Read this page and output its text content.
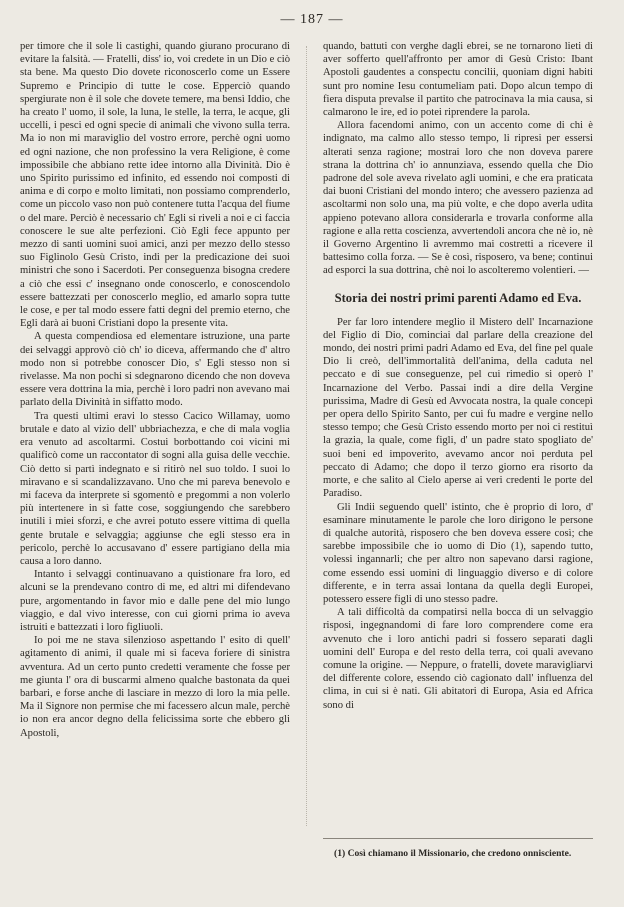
— 187 —

per timore che il sole li castighi, quando giurano procurano di evitare la falsità. — Fratelli, diss' io, voi credete in un Dio e ciò sta bene. Ma questo Dio dovete riconoscerlo come un Essere Supremo e Principio di tutte le cose. Epperciò quando spergiurate non è il sole che dovete temere, ma bensì Iddio, che ha creato l' uomo, il sole, la luna, le stelle, la terra, le acque, gli uccelli, i pesci ed ogni specie di animali che vivono sulla terra. Ma io non mi maraviglio del vostro errore, perchè ogni uomo ed ogni nazione, che non professino la vera Religione, è come impossibile che abbiano rette idee intorno alla Divinità. Dio è uno Spirito purissimo ed infinito, ed essendo noi composti di anima e di corpo e molto limitati, non possiamo comprenderlo, come un piccolo vaso non può contenere tutta l'acqua del fiume o del mare. Perciò è necessario ch' Egli si riveli a noi e ci faccia conoscere le sue alte perfezioni. Ciò Egli fece appunto per mezzo di santi uomini suoi amici, anzi per mezzo dello stesso suo Figlinolo Gesù Cristo, indi per la predicazione dei suoi ministri che sono i Sacerdoti. Per conseguenza bisogna credere a ciò che essi c' insegnano onde conoscerlo, e conoscendolo essere battezzati per conoscerlo meglio, ed amarlo sopra tutte le cose, e per tal modo essere fatti degni del premio eterno, che Egli darà ai buoni Cristiani dopo la presente vita.

A questa compendiosa ed elementare istruzione, una parte dei selvaggi approvò ciò ch' io diceva, affermando che d' altro modo non si potrebbe conoscer Dio, s' Egli stesso non si rivelasse. Ma non pochi si sdegnarono dicendo che non doveva essere vera dottrina la mia, perchè i loro padri non avevano mai parlato della Divinità in siffatto modo.

Tra questi ultimi eravi lo stesso Cacico Willamay, uomo brutale e dato al vizio dell' ubbriachezza, e che di mala voglia era venuto ad ascoltarmi. Costui borbottando coi vicini mi qualificò come un raccontator di sogni alla guisa delle vecchie. Ciò detto si partì indegnato e si ritirò nel suo toldo. I suoi lo miravano e si scandalizzavano. Uno che mi pareva benevolo e mi faceva da interprete si sgomentò e pregommi a non volerlo più intertenere in sì fatte cose, soggiungendo che sarebbero inutili i miei sforzi, e che avrei potuto essere vittima di quella gente brutale e selvaggia; aggiunse che egli stesso era in pericolo, perchè lo accusavano d' essere partigiano della mia causa a loro danno.

Intanto i selvaggi continuavano a quistionare fra loro, ed alcuni se la prendevano contro di me, ed altri mi difendevano pure, argomentando in favor mio e dalle pene del mio lungo viaggio, e dal vivo interesse, con cui giorni prima io aveva istruiti e battezzati i loro figliuoli.

Io poi me ne stava silenzioso aspettando l' esito di quell' agitamento di animi, il quale mi si faceva foriere di sinistra avventura. Ad un certo punto credetti veramente che fosse per me giunta l' ora di buscarmi almeno qualche bastonata da quei barbari, e forse anche di lasciare in mezzo di loro la mia pelle. Ma il Signore non permise che mi facessero alcun male, perchè io non era ancor degno della felicissima sorte che ebbero gli Apostoli,

quando, battuti con verghe dagli ebrei, se ne tornarono lieti di aver sofferto quell'affronto per amor di Gesù Cristo: Ibant Apostoli gaudentes a conspectu concilii, quoniam digni habiti sunt pro nomine Iesu contumeliam pati. Dopo alcun tempo di fiera disputa prevalse il partito che patrocinava la mia causa, si calmarono le ire, ed io potei riprendere la parola.

Allora facendomi animo, con un accento come di chi è indignato, ma calmo allo stesso tempo, li ripresi per essersi alterati senza ragione; mostrai loro che non doveva parere strana la dottrina ch' io annunziava, essendo quella che Dio padrone del sole aveva rivelato agli uomini, e che era praticata dai buoni Cristiani del mondo intero; che avessero pazienza ad ascoltarmi non solo una, ma più volte, e che dopo averla udita appieno potevano allora considerarla e trovarla conforme alla ragione e alla retta coscienza, avvertendoli ancora che nè io, nè il Governo Argentino li avremmo mai costretti a ricevere il battesimo colla forza. — Se è così, risposero, va bene; continui ad esporci la sua dottrina, chè noi lo ascolteremo volentieri. —

Storia dei nostri primi parenti Adamo ed Eva.

Per far loro intendere meglio il Mistero dell' Incarnazione del Figlio di Dio, cominciai dal parlare della creazione del mondo, dei nostri primi padri Adamo ed Eva, del fine pel quale Dio li creò, dell'immortalità dell'anima, della caduta nel peccato e di sue conseguenze, pel cui rimedio si operò l' Incarnazione del Verbo. Passai indi a dire della Vergine purissima, Madre di Gesù ed Avvocata nostra, la quale concepì per opera dello Spirito Santo, per cui fu madre e vergine nello stesso tempo; che Gesù Cristo essendo morto per noi ci restituì la grazia, la quale, come figli, d' un padre stato spogliato de' suoi beni ed impoverito, avevamo ancor noi perduta pel peccato di Adamo; che dopo il terzo giorno era risorto da morte, e che salito al Cielo aperse ai veri credenti le porte del Paradiso.

Gli Indii seguendo quell' istinto, che è proprio di loro, d' esaminare minutamente le parole che loro dirigono le persone di qualche autorità, risposero che ben doveva essere così; che sarebbe impossibile che io uomo di Dio (1), sapendo tutto, volessi ingannarli; che per altro non sapevano darsi ragione, come essendo essi uomini di linguaggio diverso e di colore differente, e in terra assai lontana da quella degli Europei, potessero essere figli di uno stesso padre.

A tali difficoltà da compatirsi nella bocca di un selvaggio risposi, ingegnandomi di fare loro comprendere come era avvenuto che i loro antichi padri si fossero separati dagli uomini dell' Europa e del resto della terra, coi quali avevano comune la origine. — Neppure, o fratelli, dovete maravigliarvi del differente colore, essendo ciò cagionato dall' influenza del clima, in cui si è nati. Gli abitatori di Europa, Asia ed Africa sono di

(1) Così chiamano il Missionario, che credono onnisciente.
